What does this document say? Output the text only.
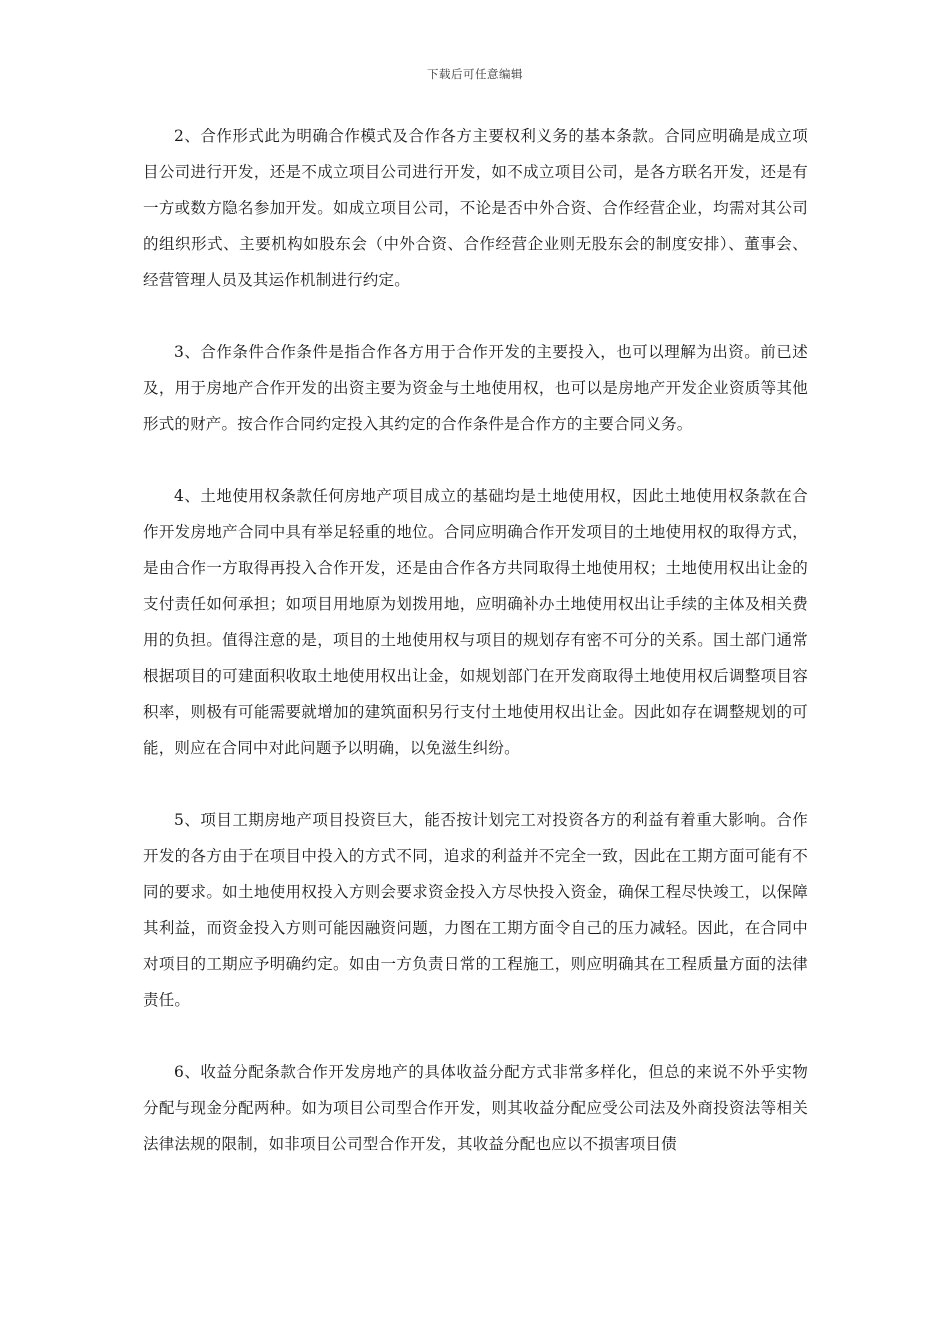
下载后可任意编辑

2、合作形式此为明确合作模式及合作各方主要权利义务的基本条款。合同应明确是成立项目公司进行开发，还是不成立项目公司进行开发，如不成立项目公司，是各方联名开发，还是有一方或数方隐名参加开发。如成立项目公司，不论是否中外合资、合作经营企业，均需对其公司的组织形式、主要机构如股东会（中外合资、合作经营企业则无股东会的制度安排）、董事会、经营管理人员及其运作机制进行约定。

3、合作条件合作条件是指合作各方用于合作开发的主要投入，也可以理解为出资。前已述及，用于房地产合作开发的出资主要为资金与土地使用权，也可以是房地产开发企业资质等其他形式的财产。按合作合同约定投入其约定的合作条件是合作方的主要合同义务。

4、土地使用权条款任何房地产项目成立的基础均是土地使用权，因此土地使用权条款在合作开发房地产合同中具有举足轻重的地位。合同应明确合作开发项目的土地使用权的取得方式，是由合作一方取得再投入合作开发，还是由合作各方共同取得土地使用权；土地使用权出让金的支付责任如何承担；如项目用地原为划拨用地，应明确补办土地使用权出让手续的主体及相关费用的负担。值得注意的是，项目的土地使用权与项目的规划存有密不可分的关系。国土部门通常根据项目的可建面积收取土地使用权出让金，如规划部门在开发商取得土地使用权后调整项目容积率，则极有可能需要就增加的建筑面积另行支付土地使用权出让金。因此如存在调整规划的可能，则应在合同中对此问题予以明确，以免滋生纠纷。

5、项目工期房地产项目投资巨大，能否按计划完工对投资各方的利益有着重大影响。合作开发的各方由于在项目中投入的方式不同，追求的利益并不完全一致，因此在工期方面可能有不同的要求。如土地使用权投入方则会要求资金投入方尽快投入资金，确保工程尽快竣工，以保障其利益，而资金投入方则可能因融资问题，力图在工期方面令自己的压力减轻。因此，在合同中对项目的工期应予明确约定。如由一方负责日常的工程施工，则应明确其在工程质量方面的法律责任。

6、收益分配条款合作开发房地产的具体收益分配方式非常多样化，但总的来说不外乎实物分配与现金分配两种。如为项目公司型合作开发，则其收益分配应受公司法及外商投资法等相关法律法规的限制，如非项目公司型合作开发，其收益分配也应以不损害项目债
